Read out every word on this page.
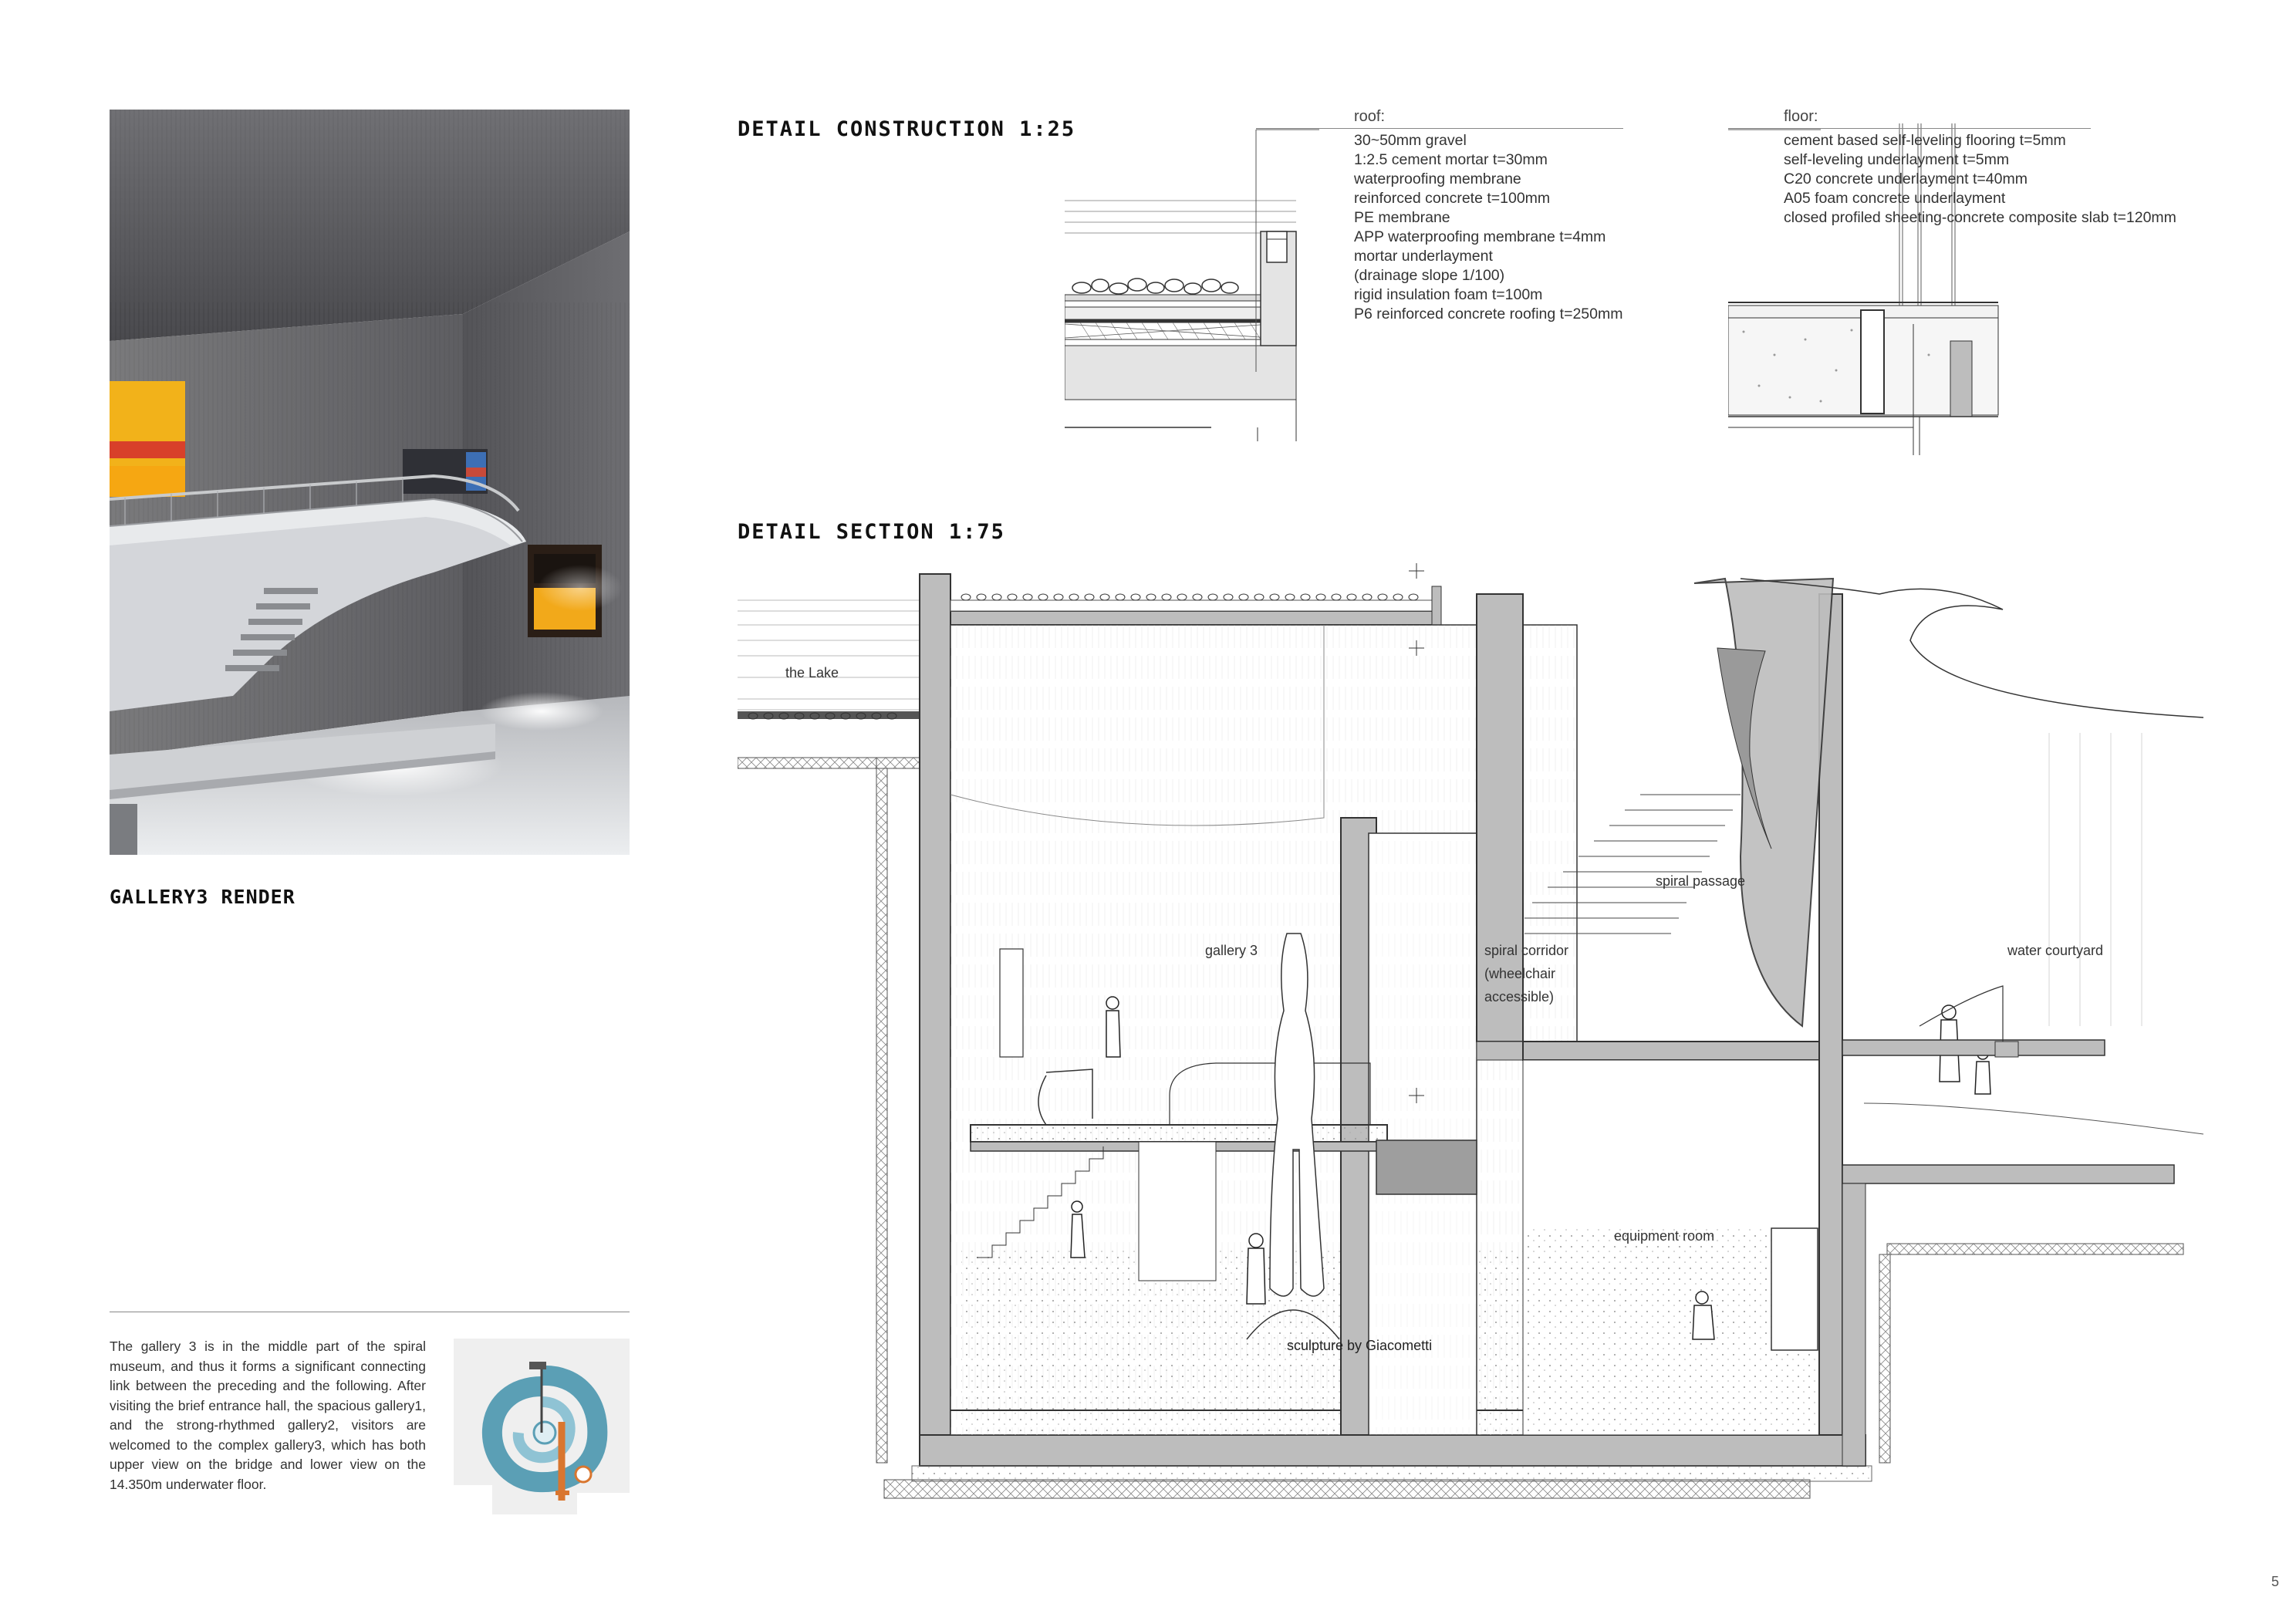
GALLERY3 RENDER
The gallery 3 is in the middle part of the spiral museum, and thus it forms a significant connecting link between the preceding and the following. After visiting the brief entrance hall, the spacious gallery1, and the strong-rhythmed gallery2, visitors are welcomed to the complex gallery3, which has both upper view on the bridge and lower view on the 14.350m underwater floor.
DETAIL CONSTRUCTION 1:25
roof:
30~50mm gravel
1:2.5 cement mortar t=30mm
waterproofing membrane
reinforced concrete t=100mm
PE membrane
APP waterproofing membrane t=4mm
mortar underlayment
(drainage slope 1/100)
rigid insulation foam t=100m
P6 reinforced concrete roofing t=250mm
floor:
cement based self-leveling flooring t=5mm
self-leveling underlayment t=5mm
C20 concrete underlayment t=40mm
A05 foam concrete underlayment
closed profiled sheeting-concrete composite slab t=120mm
DETAIL SECTION 1:75
the Lake
gallery 3	spiral corridor
(wheelchair
accessible)
spiral passage
water courtyard
equipment room
sculpture by Giacometti
5
